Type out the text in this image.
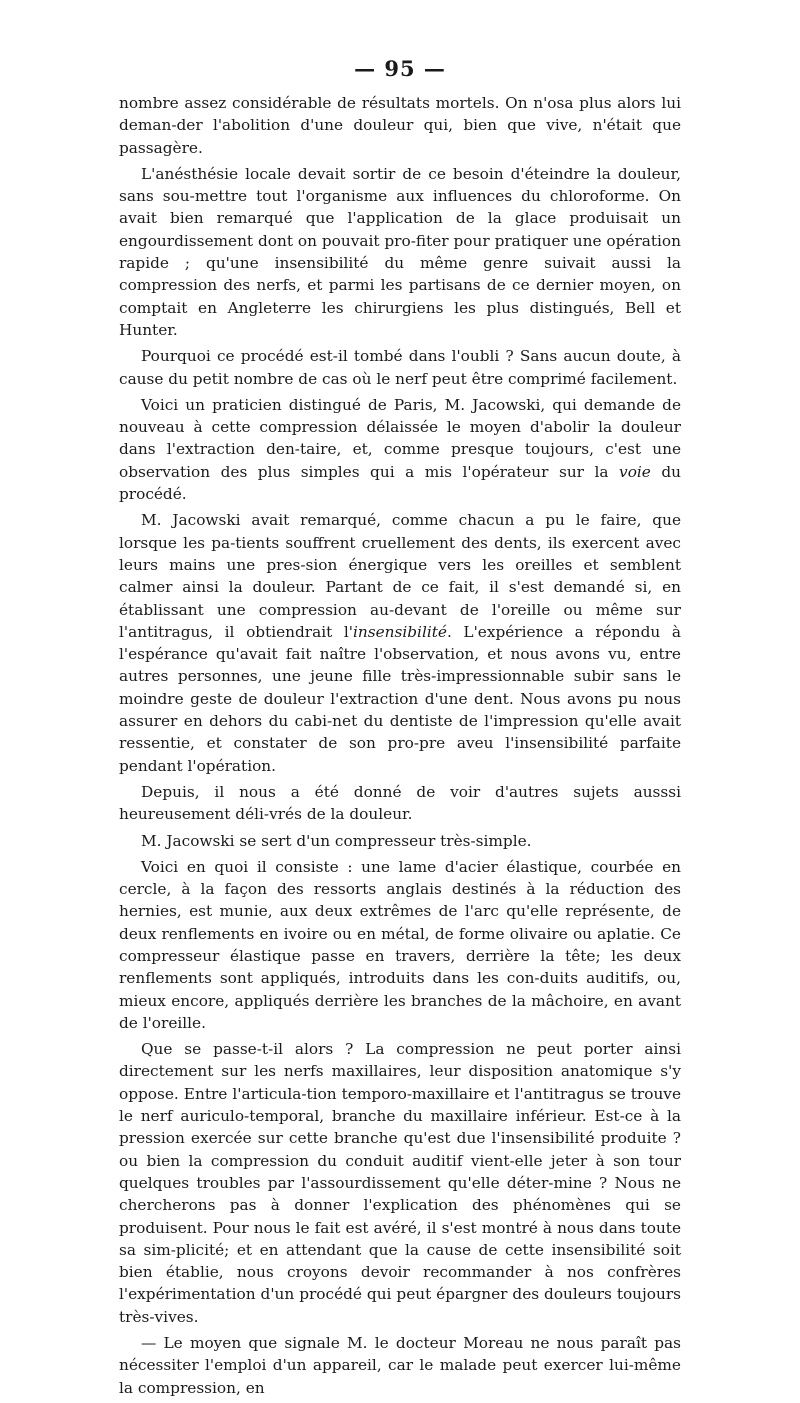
— 95 —

nombre assez considérable de résultats mortels. On n'osa plus alors lui deman-der l'abolition d'une douleur qui, bien que vive, n'était que passagère.

L'anésthésie locale devait sortir de ce besoin d'éteindre la douleur, sans sou-mettre tout l'organisme aux influences du chloroforme. On avait bien remarqué que l'application de la glace produisait un engourdissement dont on pouvait pro-fiter pour pratiquer une opération rapide ; qu'une insensibilité du même genre suivait aussi la compression des nerfs, et parmi les partisans de ce dernier moyen, on comptait en Angleterre les chirurgiens les plus distingués, Bell et Hunter.

Pourquoi ce procédé est-il tombé dans l'oubli ? Sans aucun doute, à cause du petit nombre de cas où le nerf peut être comprimé facilement.

Voici un praticien distingué de Paris, M. Jacowski, qui demande de nouveau à cette compression délaissée le moyen d'abolir la douleur dans l'extraction den-taire, et, comme presque toujours, c'est une observation des plus simples qui a mis l'opérateur sur la voie du procédé.

M. Jacowski avait remarqué, comme chacun a pu le faire, que lorsque les pa-tients souffrent cruellement des dents, ils exercent avec leurs mains une pres-sion énergique vers les oreilles et semblent calmer ainsi la douleur. Partant de ce fait, il s'est demandé si, en établissant une compression au-devant de l'oreille ou même sur l'antitragus, il obtiendrait l'insensibilité. L'expérience a répondu à l'espérance qu'avait fait naître l'observation, et nous avons vu, entre autres personnes, une jeune fille très-impressionnable subir sans le moindre geste de douleur l'extraction d'une dent. Nous avons pu nous assurer en dehors du cabi-net du dentiste de l'impression qu'elle avait ressentie, et constater de son pro-pre aveu l'insensibilité parfaite pendant l'opération.

Depuis, il nous a été donné de voir d'autres sujets ausssi heureusement déli-vrés de la douleur.

M. Jacowski se sert d'un compresseur très-simple.

Voici en quoi il consiste : une lame d'acier élastique, courbée en cercle, à la façon des ressorts anglais destinés à la réduction des hernies, est munie, aux deux extrêmes de l'arc qu'elle représente, de deux renflements en ivoire ou en métal, de forme olivaire ou aplatie. Ce compresseur élastique passe en travers, derrière la tête; les deux renflements sont appliqués, introduits dans les con-duits auditifs, ou, mieux encore, appliqués derrière les branches de la mâchoire, en avant de l'oreille.

Que se passe-t-il alors ? La compression ne peut porter ainsi directement sur les nerfs maxillaires, leur disposition anatomique s'y oppose. Entre l'articula-tion temporo-maxillaire et l'antitragus se trouve le nerf auriculo-temporal, branche du maxillaire inférieur. Est-ce à la pression exercée sur cette branche qu'est due l'insensibilité produite ? ou bien la compression du conduit auditif vient-elle jeter à son tour quelques troubles par l'assourdissement qu'elle déter-mine ? Nous ne chercherons pas à donner l'explication des phénomènes qui se produisent. Pour nous le fait est avéré, il s'est montré à nous dans toute sa sim-plicité; et en attendant que la cause de cette insensibilité soit bien établie, nous croyons devoir recommander à nos confrères l'expérimentation d'un procédé qui peut épargner des douleurs toujours très-vives.

— Le moyen que signale M. le docteur Moreau ne nous paraît pas nécessiter l'emploi d'un appareil, car le malade peut exercer lui-même la compression, en
